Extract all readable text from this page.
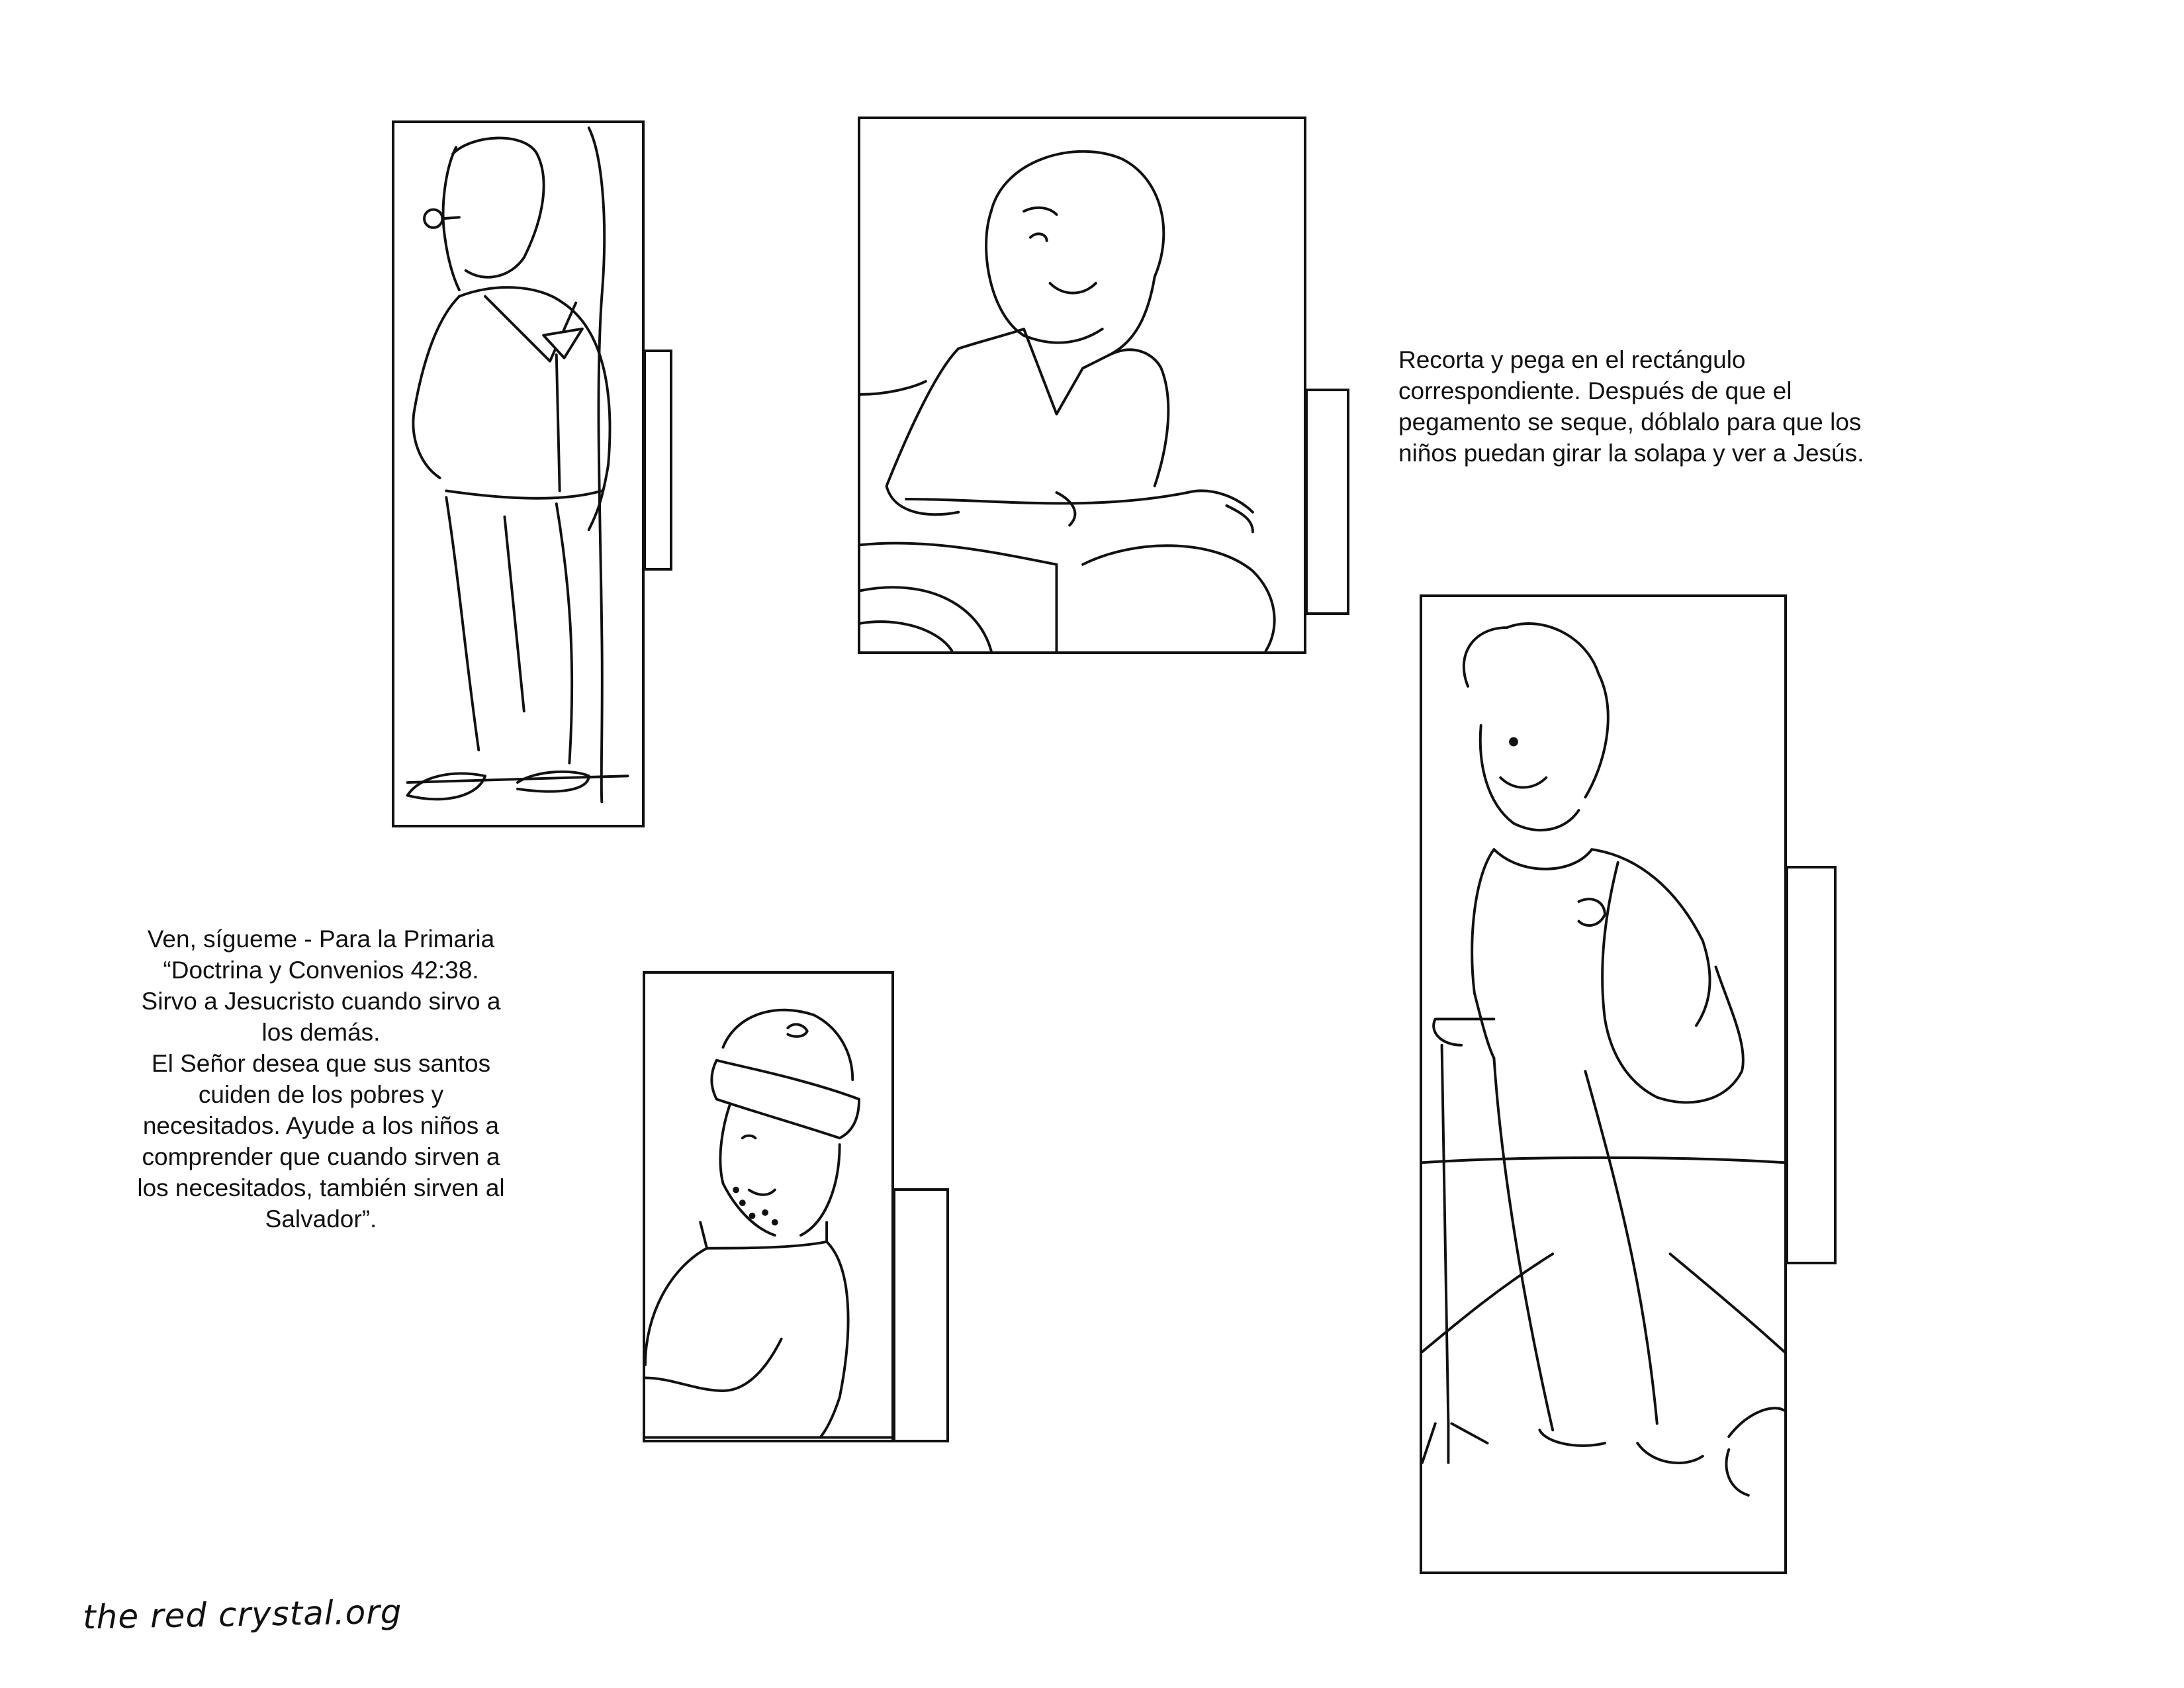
Ven, sígueme - Para la Primaria
“Doctrina y Convenios 42:38.
Sirvo a Jesucristo cuando sirvo a
los demás.
El Señor desea que sus santos
cuiden de los pobres y
necesitados. Ayude a los niños a
comprender que cuando sirven a
los necesitados, también sirven al
Salvador”.
Recorta y pega en el rectángulo
correspondiente. Después de que el
pegamento se seque, dóblalo para que los
niños puedan girar la solapa y ver a Jesús.
the red crystal.org
